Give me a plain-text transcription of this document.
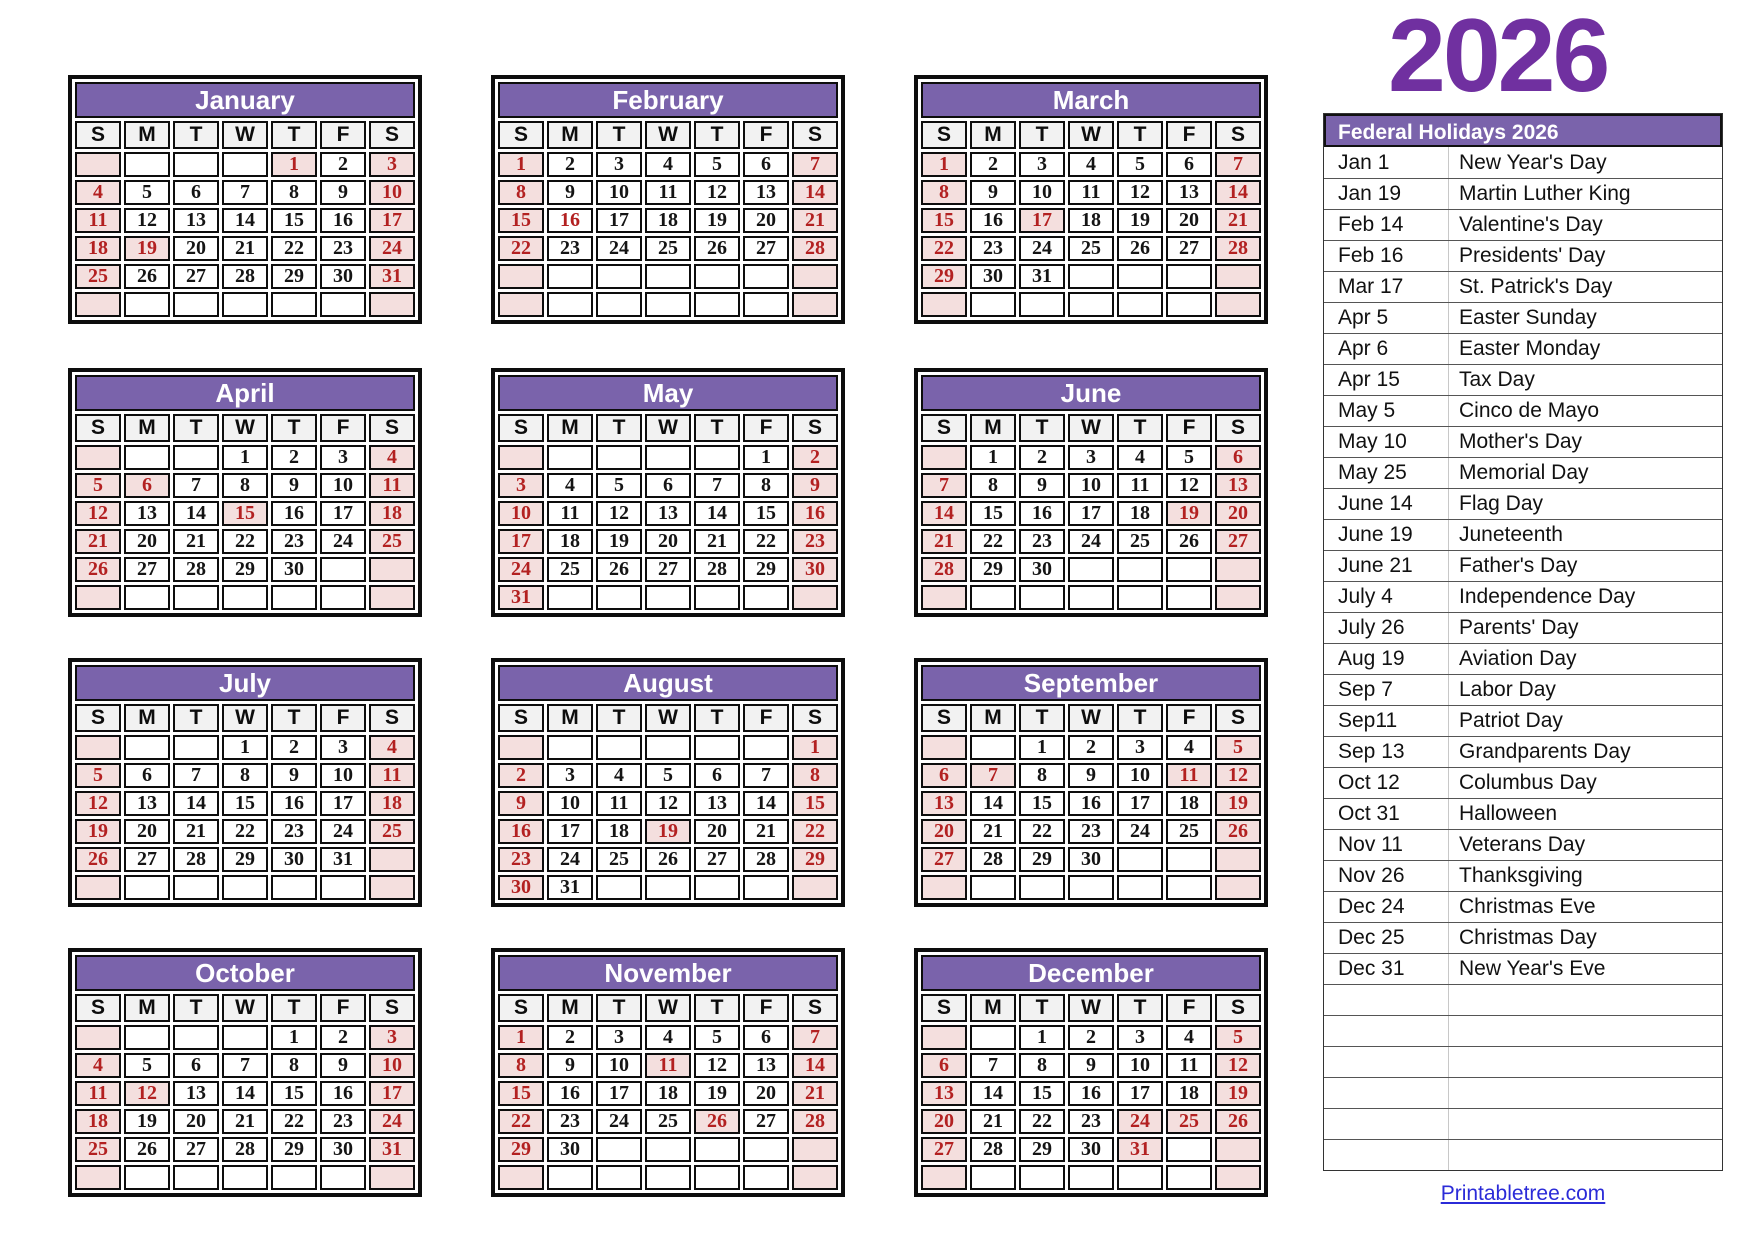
2026
January						
S	M	T	W	T	F	S
				1	2	3
4	5	6	7	8	9	10
11	12	13	14	15	16	17
18	19	20	21	22	23	24
25	26	27	28	29	30	31

February						
S	M	T	W	T	F	S
1	2	3	4	5	6	7
8	9	10	11	12	13	14
15	16	17	18	19	20	21
22	23	24	25	26	27	28

March						
S	M	T	W	T	F	S
1	2	3	4	5	6	7
8	9	10	11	12	13	14
15	16	17	18	19	20	21
22	23	24	25	26	27	28
29	30	31				

April						
S	M	T	W	T	F	S
			1	2	3	4
5	6	7	8	9	10	11
12	13	14	15	16	17	18
21	20	21	22	23	24	25
26	27	28	29	30		

May						
S	M	T	W	T	F	S
					1	2
3	4	5	6	7	8	9
10	11	12	13	14	15	16
17	18	19	20	21	22	23
24	25	26	27	28	29	30
31						
June						
S	M	T	W	T	F	S
	1	2	3	4	5	6
7	8	9	10	11	12	13
14	15	16	17	18	19	20
21	22	23	24	25	26	27
28	29	30				

July						
S	M	T	W	T	F	S
			1	2	3	4
5	6	7	8	9	10	11
12	13	14	15	16	17	18
19	20	21	22	23	24	25
26	27	28	29	30	31	

August						
S	M	T	W	T	F	S
						1
2	3	4	5	6	7	8
9	10	11	12	13	14	15
16	17	18	19	20	21	22
23	24	25	26	27	28	29
30	31					
September						
S	M	T	W	T	F	S
		1	2	3	4	5
6	7	8	9	10	11	12
13	14	15	16	17	18	19
20	21	22	23	24	25	26
27	28	29	30			

October						
S	M	T	W	T	F	S
				1	2	3
4	5	6	7	8	9	10
11	12	13	14	15	16	17
18	19	20	21	22	23	24
25	26	27	28	29	30	31

November						
S	M	T	W	T	F	S
1	2	3	4	5	6	7
8	9	10	11	12	13	14
15	16	17	18	19	20	21
22	23	24	25	26	27	28
29	30					

December						
S	M	T	W	T	F	S
		1	2	3	4	5
6	7	8	9	10	11	12
13	14	15	16	17	18	19
20	21	22	23	24	25	26
27	28	29	30	31		

Federal Holidays 2026
Jan 1	New Year's Day
Jan 19	Martin Luther King
Feb 14	Valentine's Day
Feb 16	Presidents' Day
Mar 17	St. Patrick's Day
Apr 5	Easter Sunday
Apr 6	Easter Monday
Apr 15	Tax Day
May 5	Cinco de Mayo
May 10	Mother's Day
May 25	Memorial Day
June 14	Flag Day
June 19	Juneteenth
June 21	Father's Day
July 4	Independence Day
July 26	Parents' Day
Aug 19	Aviation Day
Sep 7	Labor Day
Sep11	Patriot Day
Sep 13	Grandparents Day
Oct 12	Columbus Day
Oct 31	Halloween
Nov 11	Veterans Day
Nov 26	Thanksgiving
Dec 24	Christmas Eve
Dec 25	Christmas Day
Dec 31	New Year's Eve
Printabletree.com
